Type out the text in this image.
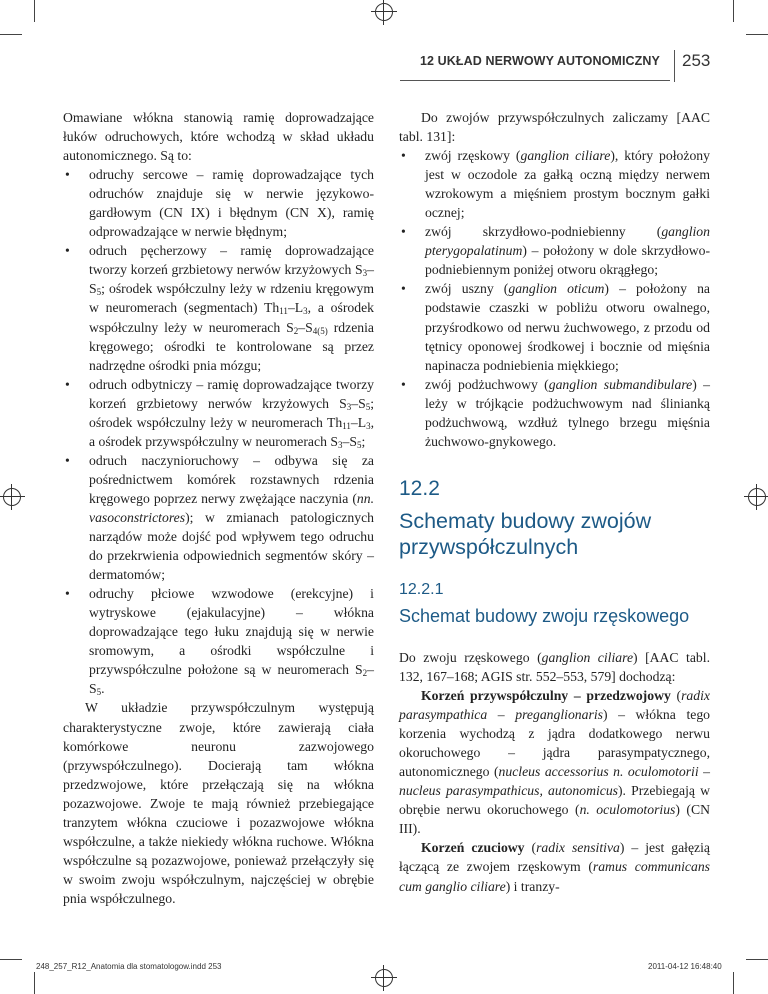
12 UKŁAD NERWOWY AUTONOMICZNY 253

Omawiane włókna stanowią ramię doprowadzające łuków odruchowych, które wchodzą w skład układu autonomicznego. Są to:

• odruchy sercowe – ramię doprowadzające tych odruchów znajduje się w nerwie językowo-gardłowym (CN IX) i błędnym (CN X), ramię odprowadzające w nerwie błędnym;
• odruch pęcherzowy – ramię doprowadzające tworzy korzeń grzbietowy nerwów krzyżowych $S_3-S_5$; ośrodek współczulny leży w rdzeniu kręgowym w neuromerach (segmentach) $Th_{11}-L_3$, a ośrodek współczulny leży w neuromerach $S_2-S_{4(5)}$ rdzenia kręgowego; ośrodki te kontrolowane są przez nadrzędne ośrodki pnia mózgu;
• odruch odbytniczy – ramię doprowadzające tworzy korzeń grzbietowy nerwów krzyżowych $S_3-S_5$; ośrodek współczulny leży w neuromerach $Th_{11}-L_3$, a ośrodek przywspółczulny w neuromerach $S_3-S_5$;
• odruch naczynioruchowy – odbywa się za pośrednictwem komórek rozstawnych rdzenia kręgowego poprzez nerwy zwężające naczynia (nn. vasoconstrictores); w zmianach patologicznych narządów może dojść pod wpływem tego odruchu do przekrwienia odpowiednich segmentów skóry – dermatomów;
• odruchy płciowe wzwodowe (erekcyjne) i wytryskowe (ejakulacyjne) – włókna doprowadzające tego łuku znajdują się w nerwie sromowym, a ośrodki współczulne i przywspółczulne położone są w neuromerach $S_2-S_5$.

W układzie przywspółczulnym występują charakterystyczne zwoje, które zawierają ciała komórkowe neuronu zazwojowego (przywspółczulnego). Docierają tam włókna przedzwojowe, które przełączają się na włókna pozazwojowe. Zwoje te mają również przebiegające tranzytem włókna czuciowe i pozazwojowe włókna współczulne, a także niekiedy włókna ruchowe. Włókna współczulne są pozazwojowe, ponieważ przełączyły się w swoim zwoju współczulnym, najczęściej w obrębie pnia współczulnego.

Do zwojów przywspółczulnych zaliczamy [AAC tabl. 131]:

• zwój rzęskowy (ganglion ciliare), który położony jest w oczodole za gałką oczną między nerwem wzrokowym a mięśniem prostym bocznym gałki ocznej;
• zwój skrzydłowo-podniebienny (ganglion pterygopalatinum) – położony w dole skrzydłowo-podniebiennym poniżej otworu okrągłego;
• zwój uszny (ganglion oticum) – położony na podstawie czaszki w pobliżu otworu owalnego, przyśrodkowo od nerwu żuchwowego, z przodu od tętnicy oponowej środkowej i bocznie od mięśnia napinacza podniebienia miękkiego;
• zwój podżuchwowy (ganglion submandibulare) – leży w trójkącie podżuchwowym nad ślinianką podżuchwową, wzdłuż tylnego brzegu mięśnia żuchwowo-gnykowego.
12.2
Schematy budowy zwojów przywspółczulnych
12.2.1
Schemat budowy zwoju rzęskowego

Do zwoju rzęskowego (ganglion ciliare) [AAC tabl. 132, 167–168; AGIS str. 552–553, 579] dochodzą:

Korzeń przywspółczulny – przedzwojowy (radix parasympathica – preganglionaris) – włókna tego korzenia wychodzą z jądra dodatkowego nerwu okoruchowego – jądra parasympatycznego, autonomicznego (nucleus accessorius n. oculomotorii – nucleus parasympathicus, autonomicus). Przebiegają w obrębie nerwu okoruchowego (n. oculomotorius) (CN III).

Korzeń czuciowy (radix sensitiva) – jest gałęzią łączącą ze zwojem rzęskowym (ramus communicans cum ganglio ciliare) i tranzy-

248_257_R12_Anatomia dla stomatologow.indd 253	2011-04-12 16:48:40
